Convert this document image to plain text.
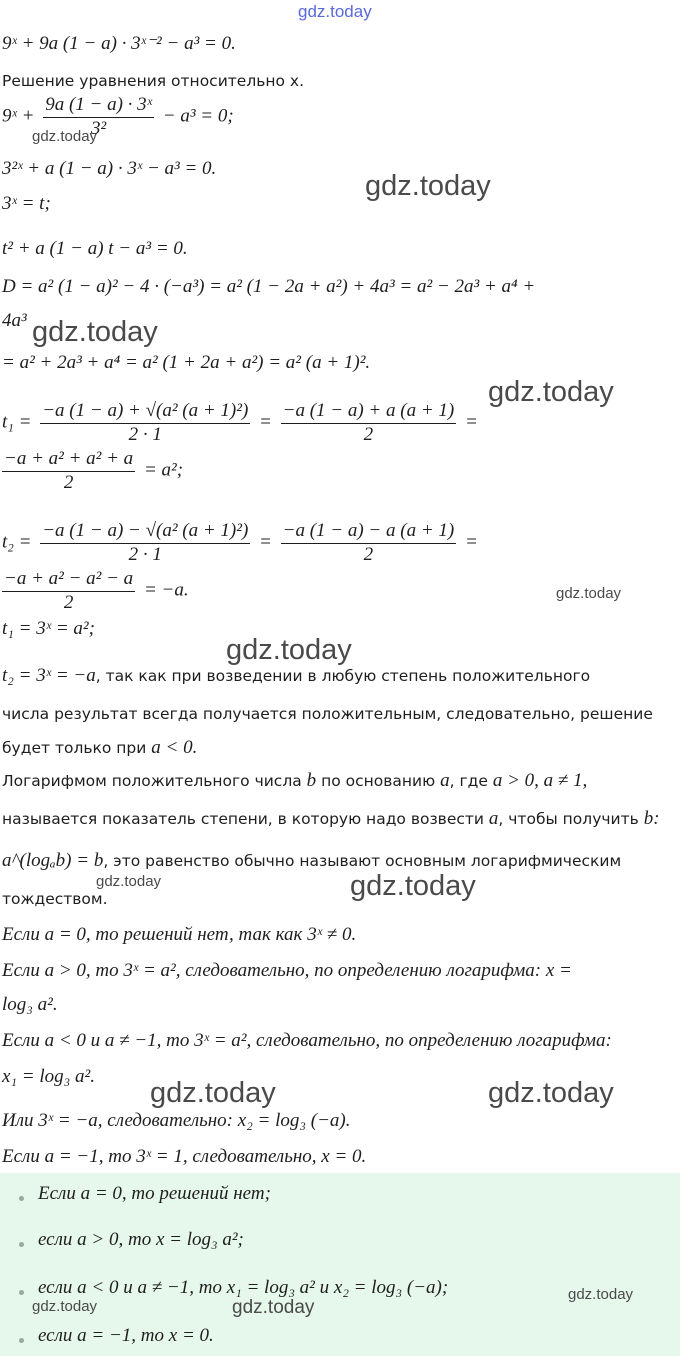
gdz.today
gdz.today
gdz.today
gdz.today
gdz.today
gdz.today
gdz.today
gdz.today	gdz.today
gdz.today	gdz.today
9ˣ + 9a (1 − a) · 3ˣ⁻² − a³ = 0.
Решение уравнения относительно x.
9ˣ + $\frac{\text{9a (1 − a) · 3ˣ}}{\text{3²}} - a^3 = 0$;
3²ˣ + a (1 − a) · 3ˣ − a³ = 0.
3ˣ = t;
t² + a (1 − a) t − a³ = 0.
D = a² (1 − a)² − 4 · (−a³) = a² (1 − 2a + a²) + 4a³ = a² − 2a³ + a⁴ +
4a³
= a² + 2a³ + a⁴ = a² (1 + 2a + a²) = a² (a + 1)².
$t_1 = \frac{\text{−a (1 − a) + √(a² (a + 1)²)}}{2 \cdot 1} = \frac{-a (1 - a) + a (a + 1)}{2}$ =
$\frac{\text{−a + a² + a² + a}}{2} = a^2$;
$t_2 = \frac{\text{−a (1 − a) − √(a² (a + 1)²)}}{2 \cdot 1} = \frac{-a (1 - a) - a (a + 1)}{2}$ =
$\frac{\text{−a + a² − a² − a}}{2} = -a$.
t₁ = 3ˣ = a²;
t₂ = 3ˣ = −a, так как при возведении в любую степень положительного
числа результат всегда получается положительным, следовательно, решение
будет только при a < 0.
Логарифмом положительного числа b по основанию a, где a > 0, a ≠ 1,
называется показатель степени, в которую надо возвести a, чтобы получить b:
a^(logₐb) = b, это равенство обычно называют основным логарифмическим
тождеством.
Если a = 0, то решений нет, так как 3ˣ ≠ 0.
Если a > 0, то 3ˣ = a², следовательно, по определению логарифма: x =
log₃ a².
Если a < 0 и a ≠ −1, то 3ˣ = a², следовательно, по определению логарифма:
x₁ = log₃ a².
Или 3ˣ = −a, следовательно: x₂ = log₃ (−a).
Если a = −1, то 3ˣ = 1, следовательно, x = 0.
Если a = 0, то решений нет;
если a > 0, то x = log₃ a²;
если a < 0 и a ≠ −1, то x₁ = log₃ a² и x₂ = log₃ (−a);
если a = −1, то x = 0.
gdz.today	gdz.today
gdz.today
